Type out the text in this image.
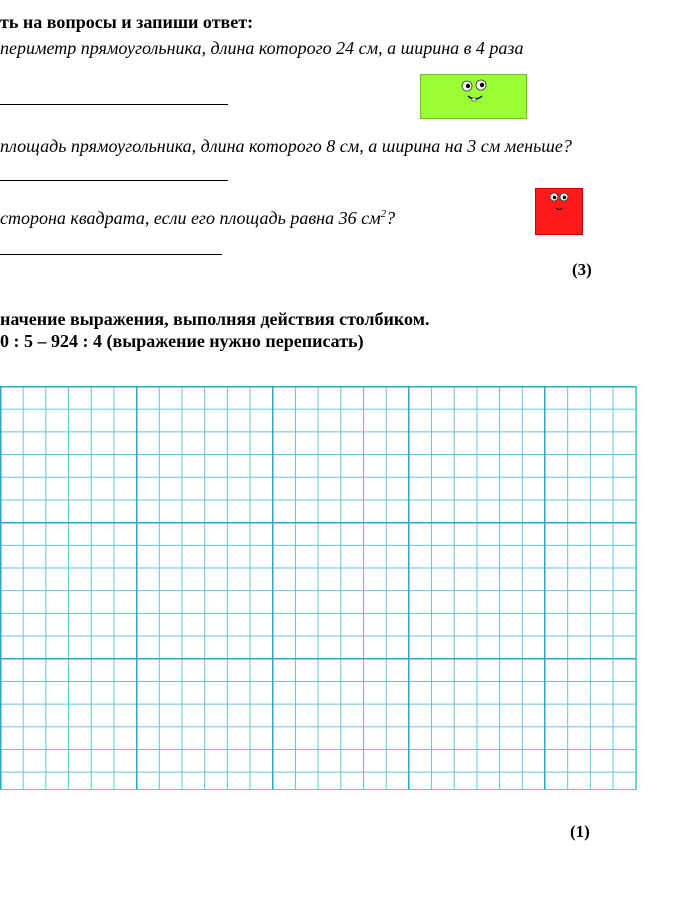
ть на вопросы и запиши ответ:
периметр прямоугольника, длина которого 24 см, а ширина в 4 раза
площадь прямоугольника, длина которого 8 см, а ширина на 3 см меньше?
сторона квадрата, если его площадь равна 36 $см^2$?
(3)
начение выражения, выполняя действия столбиком.
0 : 5 – 924 : 4 (выражение нужно переписать)
(1)
